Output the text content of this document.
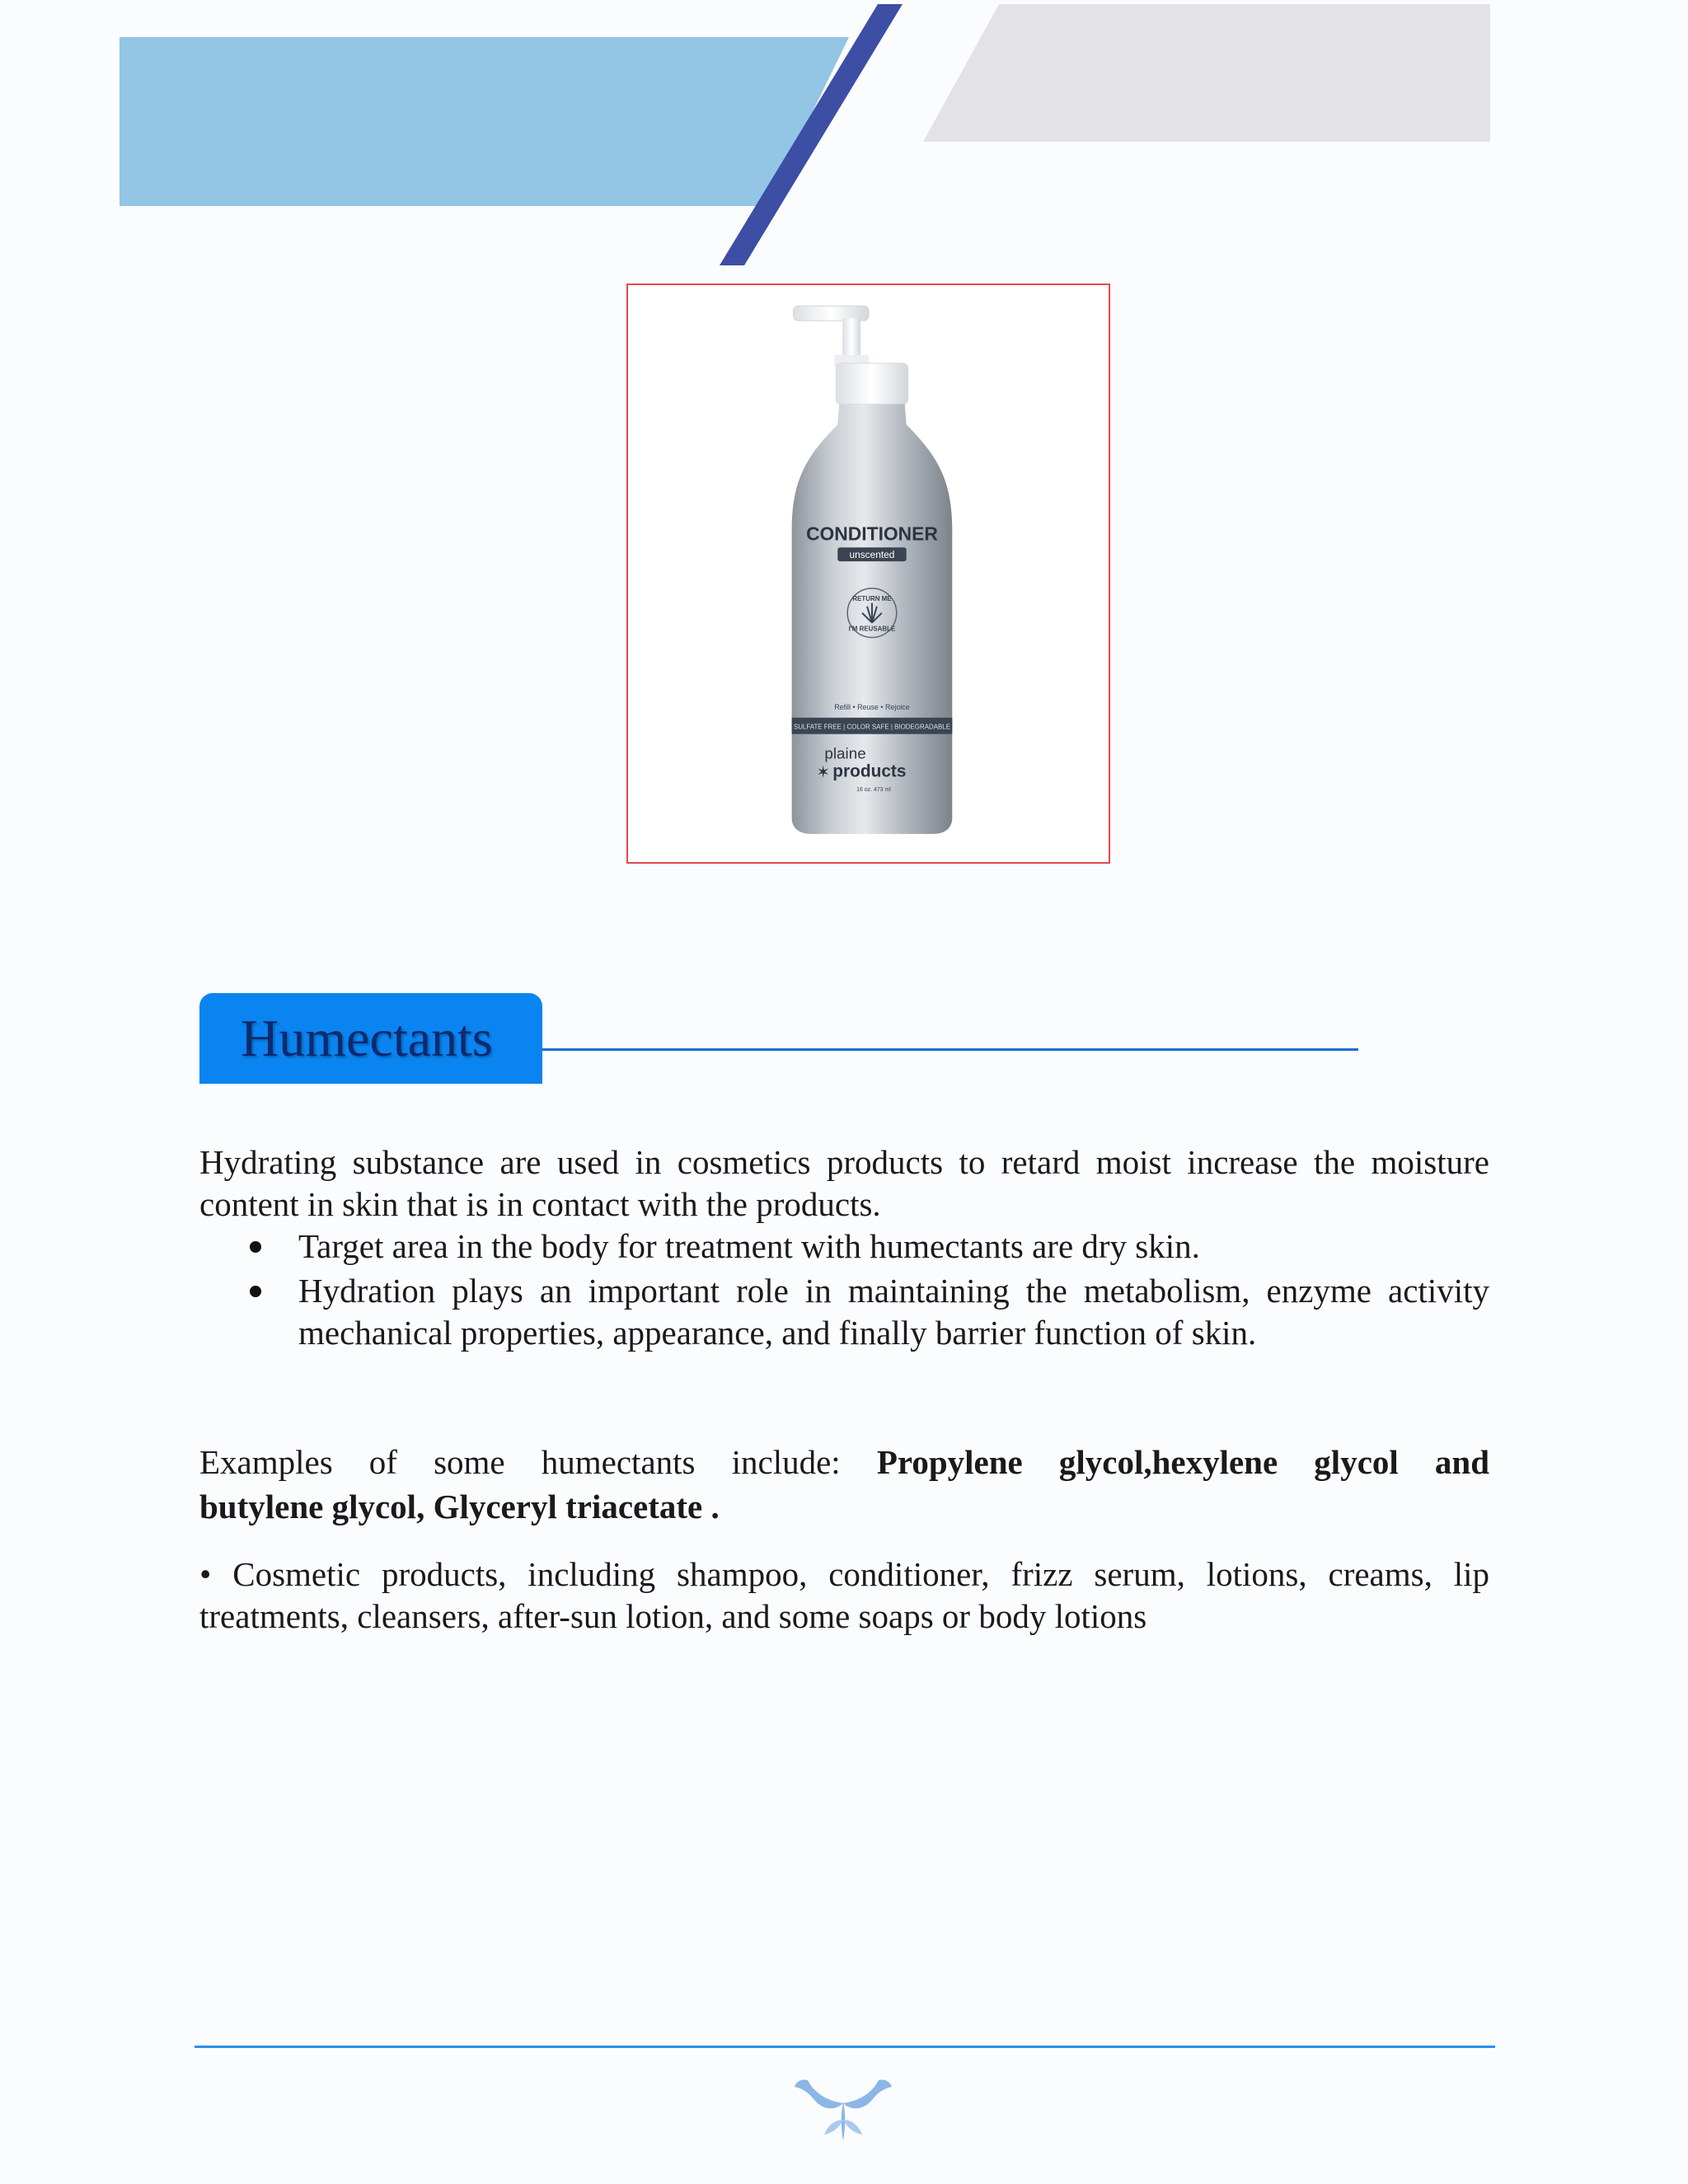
CONDITIONER
unscented
RETURN ME
I'M REUSABLE
Refill • Reuse • Rejoice
SULFATE FREE | COLOR SAFE | BIODEGRADABLE
plaine
✶ products
16 oz. 473 ml
Humectants

Hydrating substance are used in cosmetics products to retard moist increase the moisture content in skin that is in contact with the products.

Target area in the body for treatment with humectants are dry skin.
Hydration plays an important role in maintaining the metabolism, enzyme activity mechanical properties, appearance, and finally barrier function of skin.
Examples of some humectants include: Propylene glycol,hexylene glycol and
butylene glycol, Glyceryl triacetate .

• Cosmetic products, including shampoo, conditioner, frizz serum, lotions, creams, lip treatments, cleansers, after-sun lotion, and some soaps or body lotions
